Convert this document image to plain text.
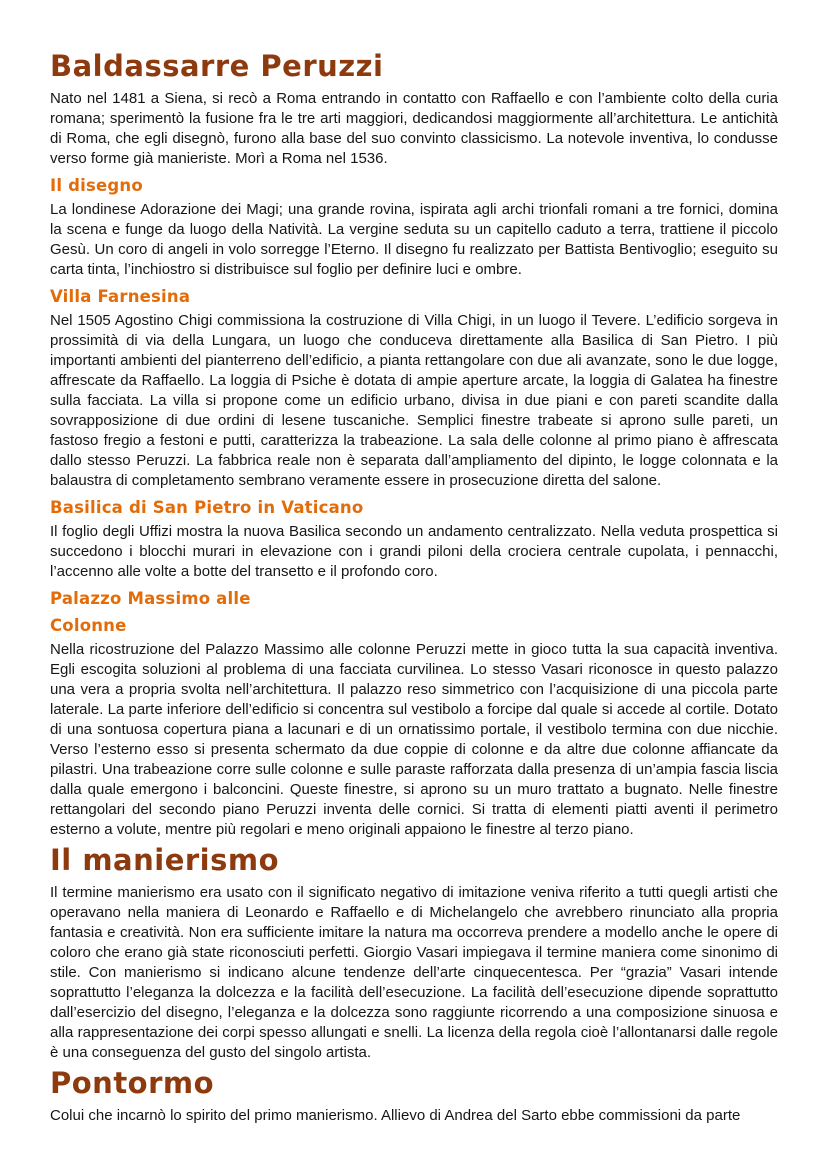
Baldassarre Peruzzi

Nato nel 1481 a Siena, si recò a Roma entrando in contatto con Raffaello e con l’ambiente colto della curia romana; sperimentò la fusione fra le tre arti maggiori, dedicandosi maggiormente all’architettura. Le antichità di Roma, che egli disegnò, furono alla base del suo convinto classicismo. La notevole inventiva, lo condusse verso forme già manieriste. Morì a Roma nel 1536.

Il disegno

La londinese Adorazione dei Magi; una grande rovina, ispirata agli archi trionfali romani a tre fornici, domina la scena e funge da luogo della Natività. La vergine seduta su un capitello caduto a terra, trattiene il piccolo Gesù. Un coro di angeli in volo sorregge l’Eterno. Il disegno fu realizzato per Battista Bentivoglio; eseguito su carta tinta, l’inchiostro si distribuisce sul foglio per definire luci e ombre.

Villa Farnesina

Nel 1505 Agostino Chigi commissiona la costruzione di Villa Chigi, in un luogo il Tevere. L’edificio sorgeva in prossimità di via della Lungara, un luogo che conduceva direttamente alla Basilica di San Pietro. I più importanti ambienti del pianterreno dell’edificio, a pianta rettangolare con due ali avanzate, sono le due logge, affrescate da Raffaello. La loggia di Psiche è dotata di ampie aperture arcate, la loggia di Galatea ha finestre sulla facciata. La villa si propone come un edificio urbano, divisa in due piani e con pareti scandite dalla sovrapposizione di due ordini di lesene tuscaniche. Semplici finestre trabeate si aprono sulle pareti, un fastoso fregio a festoni e putti, caratterizza la trabeazione. La sala delle colonne al primo piano è affrescata dallo stesso Peruzzi. La fabbrica reale non è separata dall’ampliamento del dipinto, le logge colonnata e la balaustra di completamento sembrano veramente essere in prosecuzione diretta del salone.

Basilica di San Pietro in Vaticano

Il foglio degli Uffizi mostra la nuova Basilica secondo un andamento centralizzato. Nella veduta prospettica si succedono i blocchi murari in elevazione con i grandi piloni della crociera centrale cupolata, i pennacchi, l’accenno alle volte a botte del transetto e il profondo coro.

Palazzo Massimo alle
Colonne

Nella ricostruzione del Palazzo Massimo alle colonne Peruzzi mette in gioco tutta la sua capacità inventiva. Egli escogita soluzioni al problema di una facciata curvilinea. Lo stesso Vasari riconosce in questo palazzo una vera a propria svolta nell’architettura. Il palazzo reso simmetrico con l’acquisizione di una piccola parte laterale. La parte inferiore dell’edificio si concentra sul vestibolo a forcipe dal quale si accede al cortile. Dotato di una sontuosa copertura piana a lacunari e di un ornatissimo portale, il vestibolo termina con due nicchie. Verso l’esterno esso si presenta schermato da due coppie di colonne e da altre due colonne affiancate da pilastri. Una trabeazione corre sulle colonne e sulle paraste rafforzata dalla presenza di un’ampia fascia liscia dalla quale emergono i balconcini. Queste finestre, si aprono su un muro trattato a bugnato. Nelle finestre rettangolari del secondo piano Peruzzi inventa delle cornici. Si tratta di elementi piatti aventi il perimetro esterno a volute, mentre più regolari e meno originali appaiono le finestre al terzo piano.

Il manierismo

Il termine manierismo era usato con il significato negativo di imitazione veniva riferito a tutti quegli artisti che operavano nella maniera di Leonardo e Raffaello e di Michelangelo che avrebbero rinunciato alla propria fantasia e creatività. Non era sufficiente imitare la natura ma occorreva prendere a modello anche le opere di coloro che erano già state riconosciuti perfetti. Giorgio Vasari impiegava il termine maniera come sinonimo di stile. Con manierismo si indicano alcune tendenze dell’arte cinquecentesca. Per “grazia” Vasari intende soprattutto l’eleganza la dolcezza e la facilità dell’esecuzione. La facilità dell’esecuzione dipende soprattutto dall’esercizio del disegno, l’eleganza e la dolcezza sono raggiunte ricorrendo a una composizione sinuosa e alla rappresentazione dei corpi spesso allungati e snelli. La licenza della regola cioè l’allontanarsi dalle regole è una conseguenza del gusto del singolo artista.

Pontormo

Colui che incarnò lo spirito del primo manierismo. Allievo di Andrea del Sarto ebbe commissioni da parte
